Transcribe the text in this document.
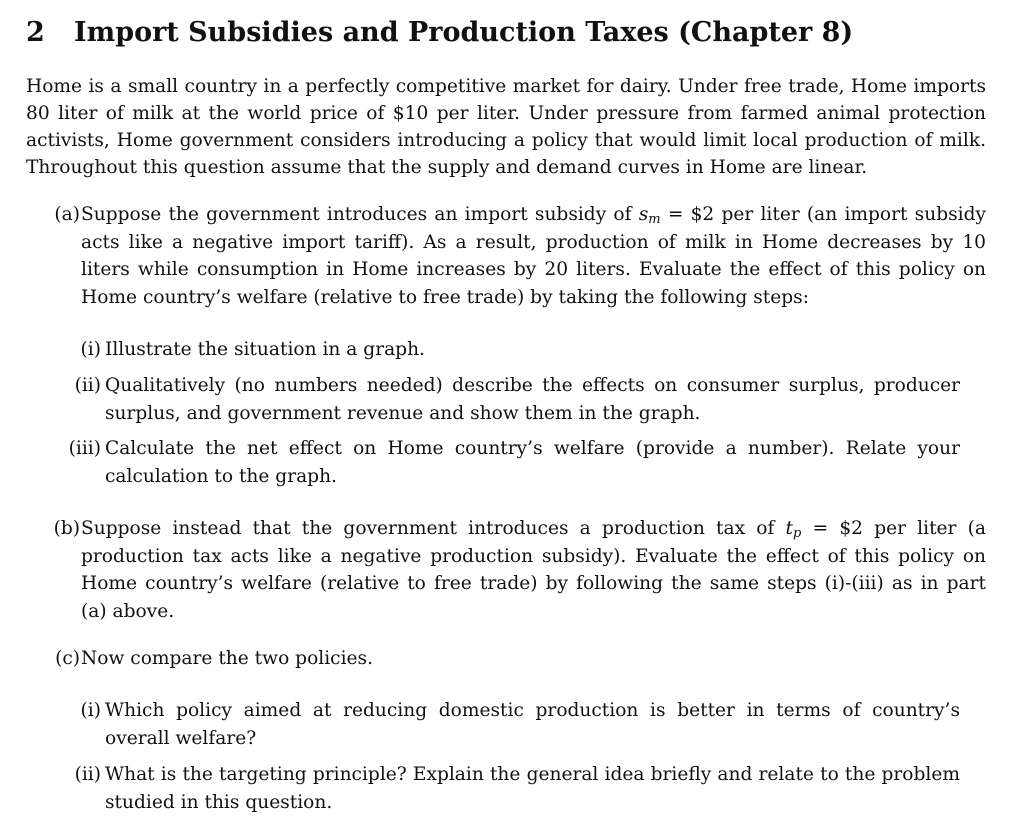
2 Import Subsidies and Production Taxes (Chapter 8)
Home is a small country in a perfectly competitive market for dairy. Under free trade, Home imports
80 liter of milk at the world price of $10 per liter. Under pressure from farmed animal protection
activists, Home government considers introducing a policy that would limit local production of milk.
Throughout this question assume that the supply and demand curves in Home are linear.
(a) Suppose the government introduces an import subsidy of $s_m$ = $2 per liter (an import subsidy
acts like a negative import tariff). As a result, production of milk in Home decreases by 10
liters while consumption in Home increases by 20 liters. Evaluate the effect of this policy on
Home country’s welfare (relative to free trade) by taking the following steps:
(i) Illustrate the situation in a graph.
(ii) Qualitatively (no numbers needed) describe the effects on consumer surplus, producer
surplus, and government revenue and show them in the graph.
(iii) Calculate the net effect on Home country’s welfare (provide a number). Relate your
calculation to the graph.
(b) Suppose instead that the government introduces a production tax of $t_p$ = $2 per liter (a
production tax acts like a negative production subsidy). Evaluate the effect of this policy on
Home country’s welfare (relative to free trade) by following the same steps (i)-(iii) as in part
(a) above.
(c) Now compare the two policies.
(i) Which policy aimed at reducing domestic production is better in terms of country’s
overall welfare?
(ii) What is the targeting principle? Explain the general idea briefly and relate to the problem
studied in this question.
